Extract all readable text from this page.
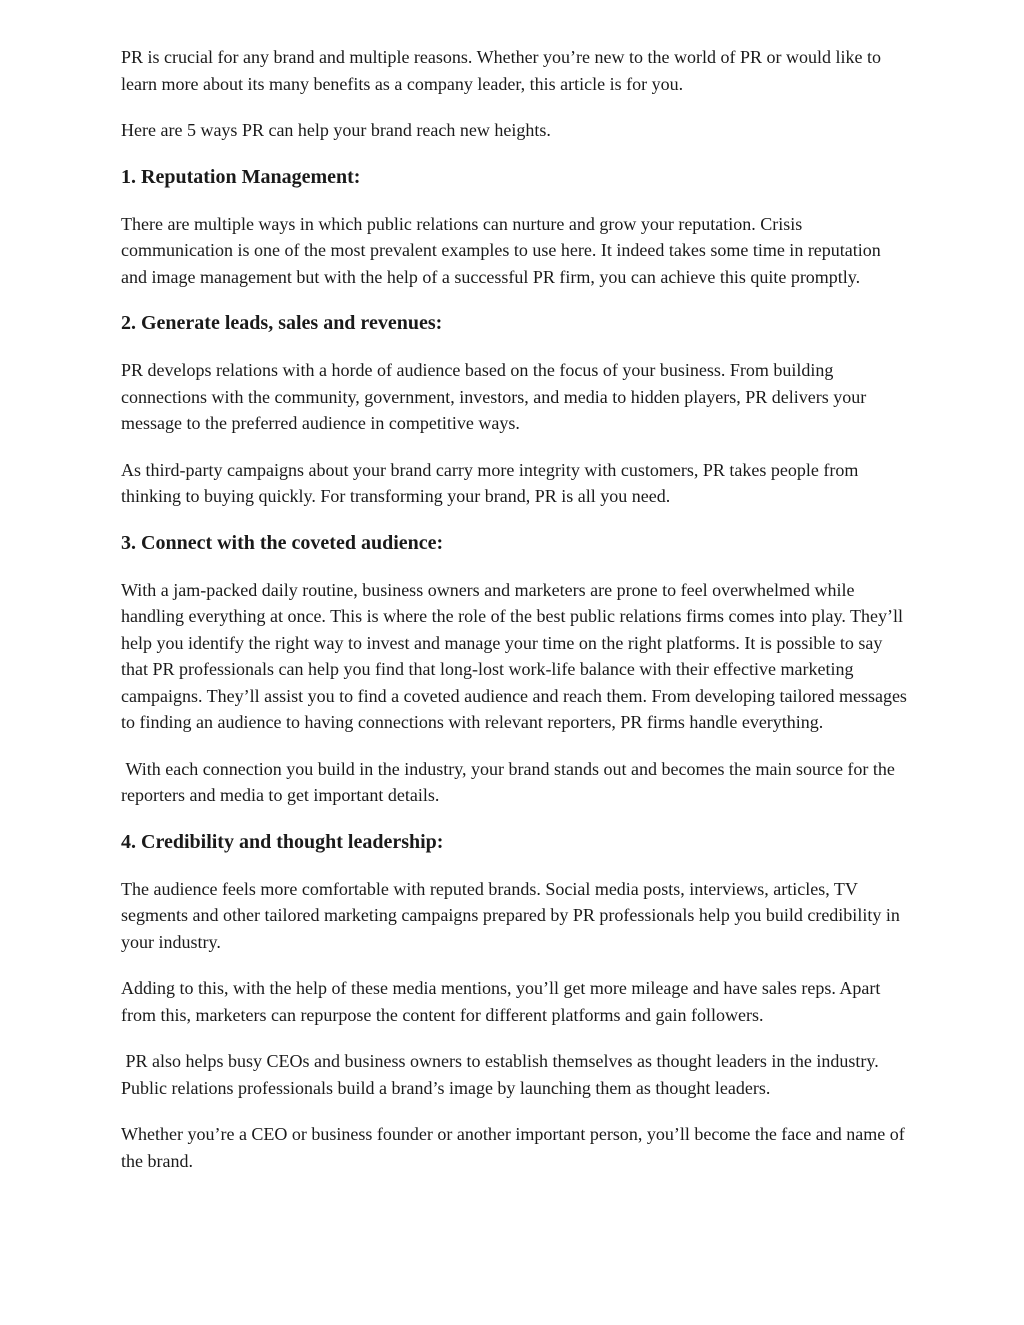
PR is crucial for any brand and multiple reasons. Whether you’re new to the world of PR or would like to learn more about its many benefits as a company leader, this article is for you.

Here are 5 ways PR can help your brand reach new heights.

1. Reputation Management:

There are multiple ways in which public relations can nurture and grow your reputation. Crisis communication is one of the most prevalent examples to use here. It indeed takes some time in reputation and image management but with the help of a successful PR firm, you can achieve this quite promptly.

2. Generate leads, sales and revenues:

PR develops relations with a horde of audience based on the focus of your business. From building connections with the community, government, investors, and media to hidden players, PR delivers your message to the preferred audience in competitive ways.

As third-party campaigns about your brand carry more integrity with customers, PR takes people from thinking to buying quickly. For transforming your brand, PR is all you need.

3. Connect with the coveted audience:

With a jam-packed daily routine, business owners and marketers are prone to feel overwhelmed while handling everything at once. This is where the role of the best public relations firms comes into play. They’ll help you identify the right way to invest and manage your time on the right platforms. It is possible to say that PR professionals can help you find that long-lost work-life balance with their effective marketing campaigns. They’ll assist you to find a coveted audience and reach them. From developing tailored messages to finding an audience to having connections with relevant reporters, PR firms handle everything.

With each connection you build in the industry, your brand stands out and becomes the main source for the reporters and media to get important details.

4. Credibility and thought leadership:

The audience feels more comfortable with reputed brands. Social media posts, interviews, articles, TV segments and other tailored marketing campaigns prepared by PR professionals help you build credibility in your industry.

Adding to this, with the help of these media mentions, you’ll get more mileage and have sales reps. Apart from this, marketers can repurpose the content for different platforms and gain followers.

PR also helps busy CEOs and business owners to establish themselves as thought leaders in the industry. Public relations professionals build a brand’s image by launching them as thought leaders.

Whether you’re a CEO or business founder or another important person, you’ll become the face and name of the brand.
